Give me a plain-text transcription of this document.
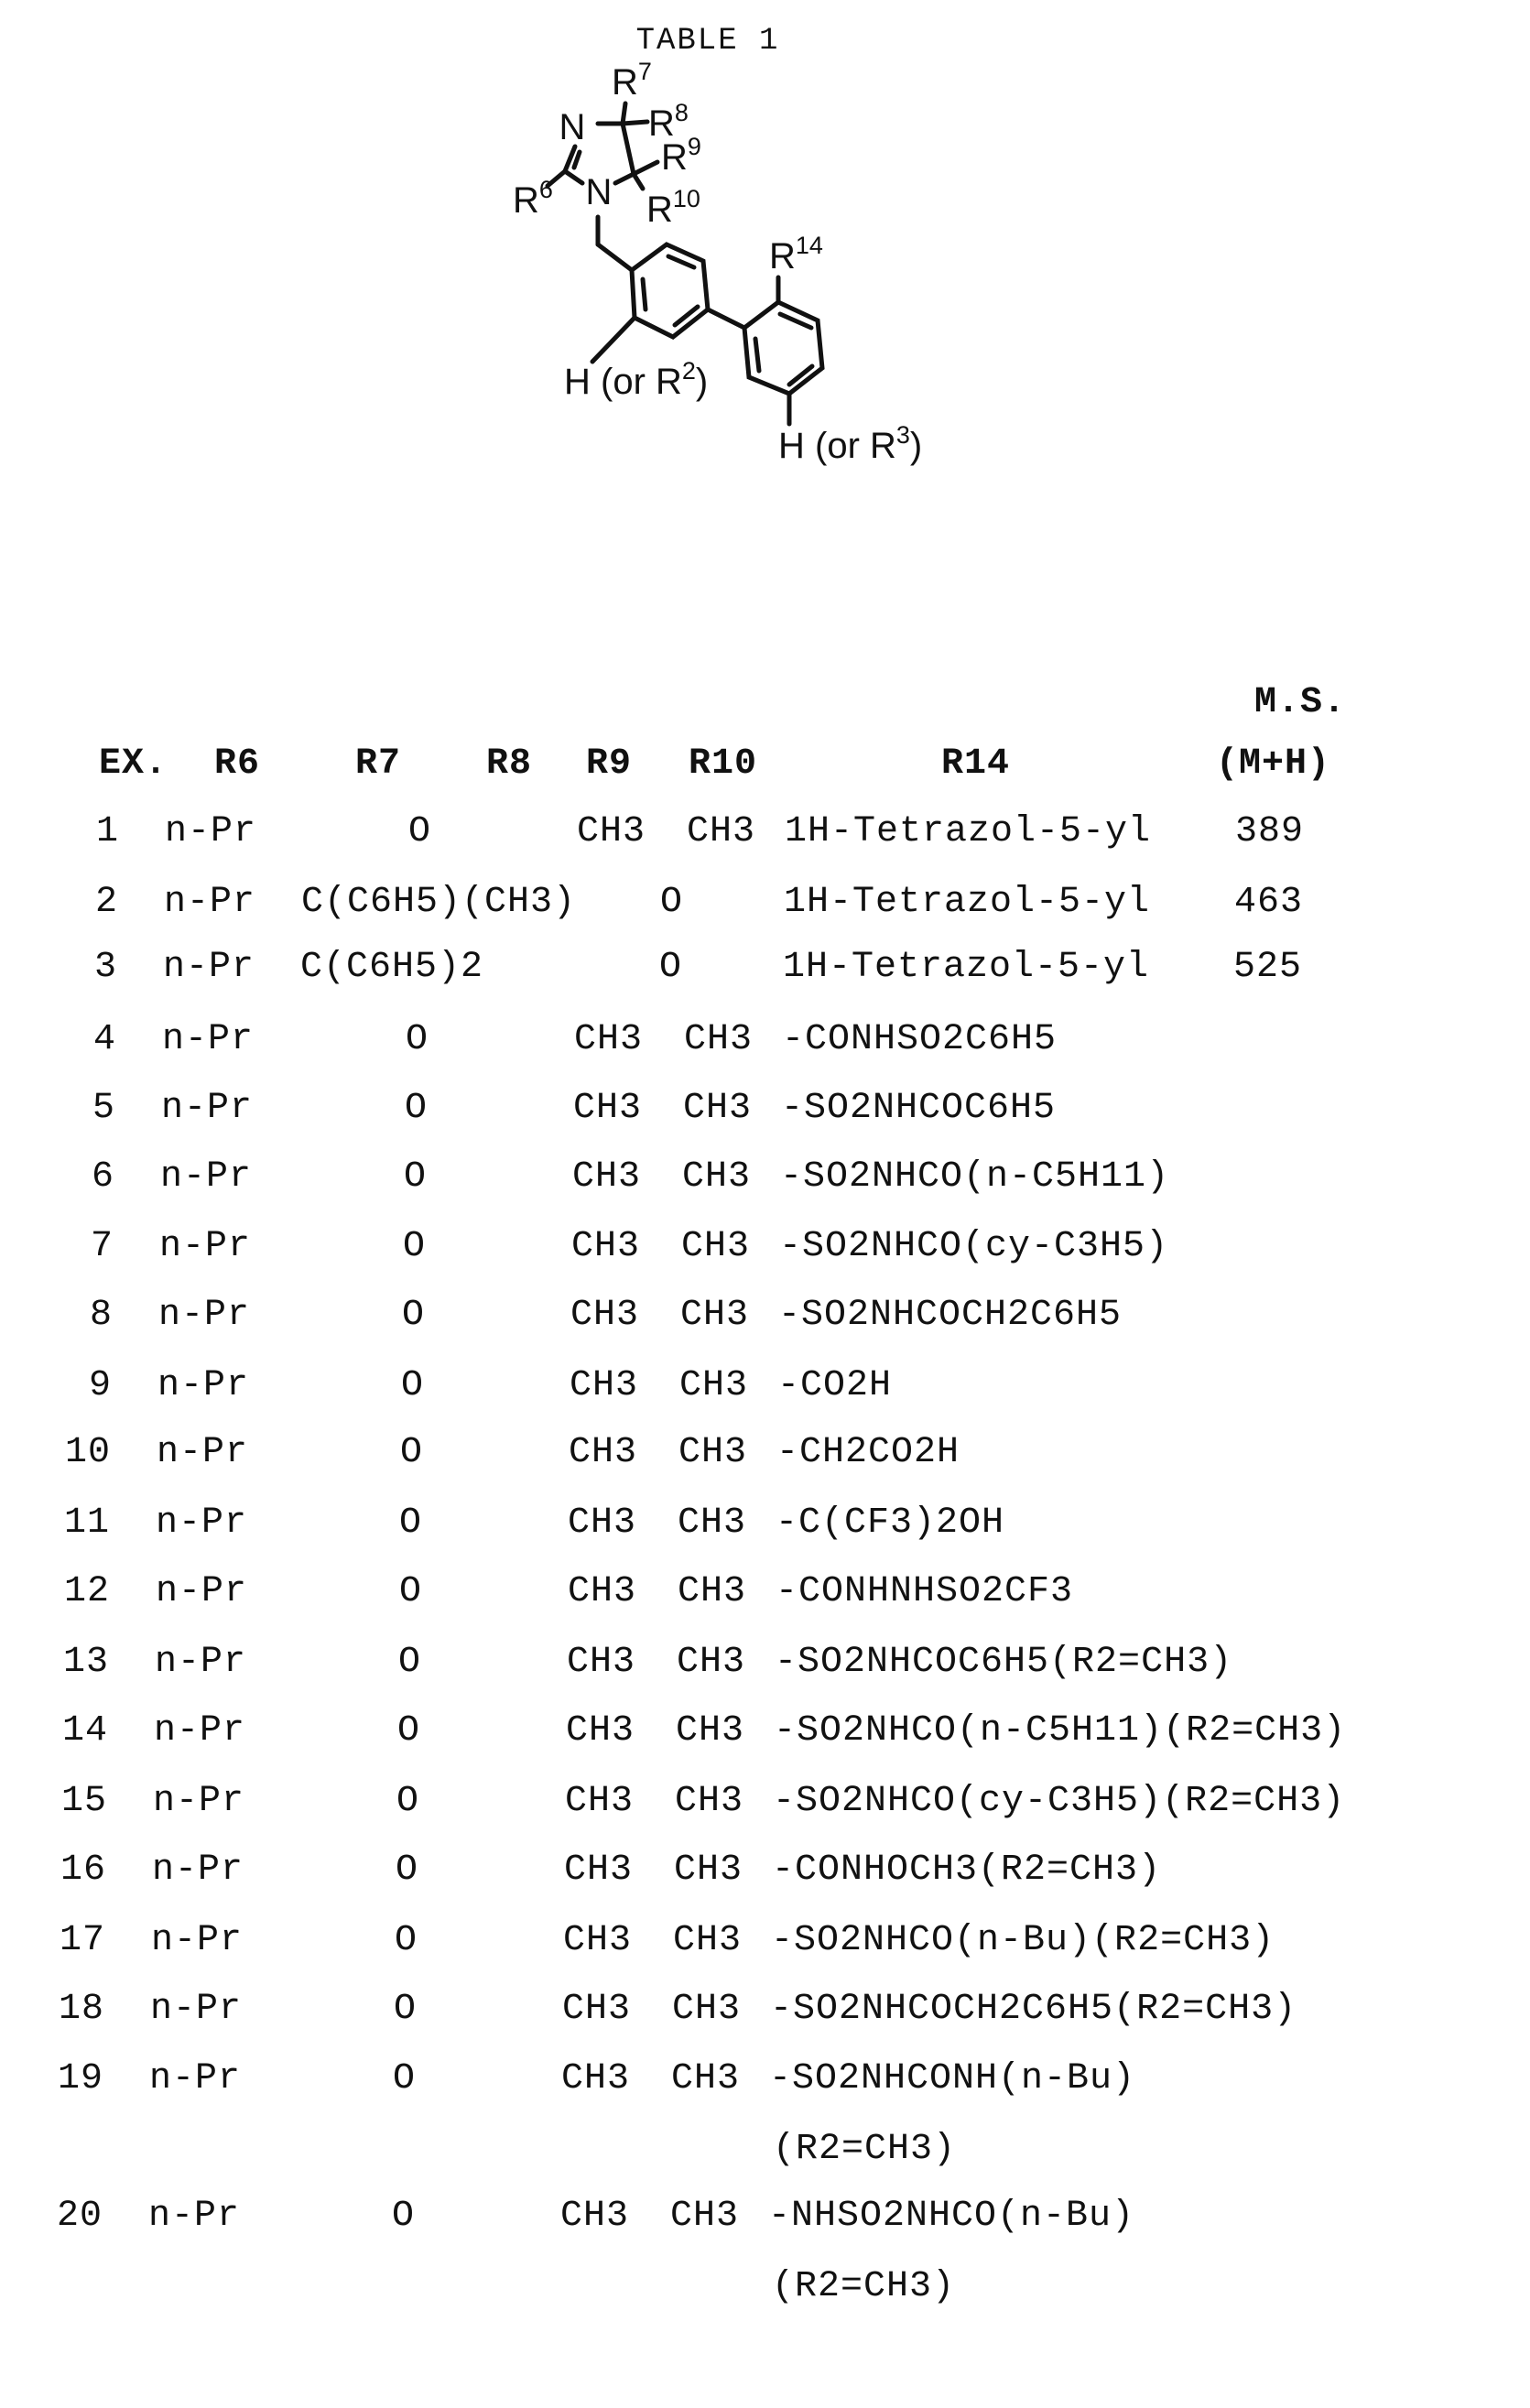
TABLE 1
N
N
R7
R8
R9
R10
R6
R14
H (or R2)
H (or R3)
M.S.
EX. R6	R7 R8 R9 R10	R14	(M+H)
1 n-Pr	O	CH3 CH3 1H-Tetrazol-5-yl 389
2 n-Pr C(C6H5)(CH3) O	1H-Tetrazol-5-yl 463
3 n-Pr C(C6H5)2	O	1H-Tetrazol-5-yl 525
4 n-Pr	O	CH3 CH3 -CONHSO2C6H5
5 n-Pr	O	CH3 CH3 -SO2NHCOC6H5
6 n-Pr	O	CH3 CH3 -SO2NHCO(n-C5H11)
7 n-Pr	O	CH3 CH3 -SO2NHCO(cy-C3H5)
8 n-Pr	O	CH3 CH3 -SO2NHCOCH2C6H5
9 n-Pr	O	CH3 CH3 -CO2H
10 n-Pr	O	CH3 CH3 -CH2CO2H
11 n-Pr	O	CH3 CH3 -C(CF3)2OH
12 n-Pr	O	CH3 CH3 -CONHNHSO2CF3
13 n-Pr	O	CH3 CH3 -SO2NHCOC6H5(R2=CH3)
14 n-Pr	O	CH3 CH3 -SO2NHCO(n-C5H11)(R2=CH3)
15 n-Pr	O	CH3 CH3 -SO2NHCO(cy-C3H5)(R2=CH3)
16 n-Pr	O	CH3 CH3 -CONHOCH3(R2=CH3)
17 n-Pr	O	CH3 CH3 -SO2NHCO(n-Bu)(R2=CH3)
18 n-Pr	O	CH3 CH3 -SO2NHCOCH2C6H5(R2=CH3)
19 n-Pr	O	CH3 CH3 -SO2NHCONH(n-Bu)
(R2=CH3)
20 n-Pr	O	CH3 CH3 -NHSO2NHCO(n-Bu)
(R2=CH3)
